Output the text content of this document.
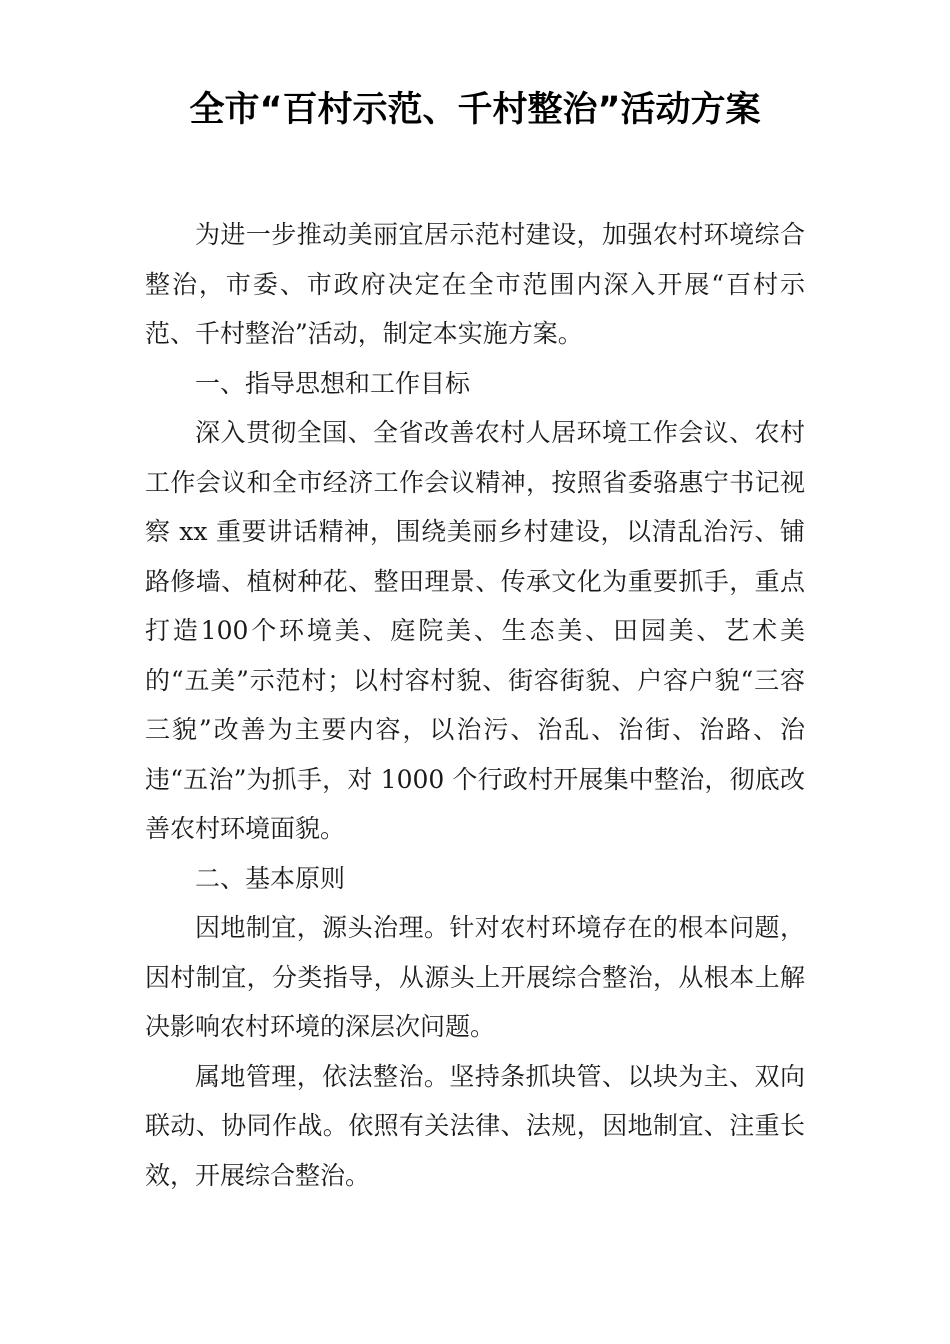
全市“百村示范、千村整治”活动方案

为进一步推动美丽宜居示范村建设，加强农村环境综合整治，市委、市政府决定在全市范围内深入开展“百村示范、千村整治”活动，制定本实施方案。

一、指导思想和工作目标

深入贯彻全国、全省改善农村人居环境工作会议、农村工作会议和全市经济工作会议精神，按照省委骆惠宁书记视察 xx 重要讲话精神，围绕美丽乡村建设，以清乱治污、铺路修墙、植树种花、整田理景、传承文化为重要抓手，重点打造100个环境美、庭院美、生态美、田园美、艺术美的“五美”示范村；以村容村貌、街容街貌、户容户貌“三容三貌”改善为主要内容，以治污、治乱、治街、治路、治违“五治”为抓手，对 1000 个行政村开展集中整治，彻底改善农村环境面貌。

二、基本原则

因地制宜，源头治理。针对农村环境存在的根本问题，因村制宜，分类指导，从源头上开展综合整治，从根本上解决影响农村环境的深层次问题。

属地管理，依法整治。坚持条抓块管、以块为主、双向联动、协同作战。依照有关法律、法规，因地制宜、注重长效，开展综合整治。
